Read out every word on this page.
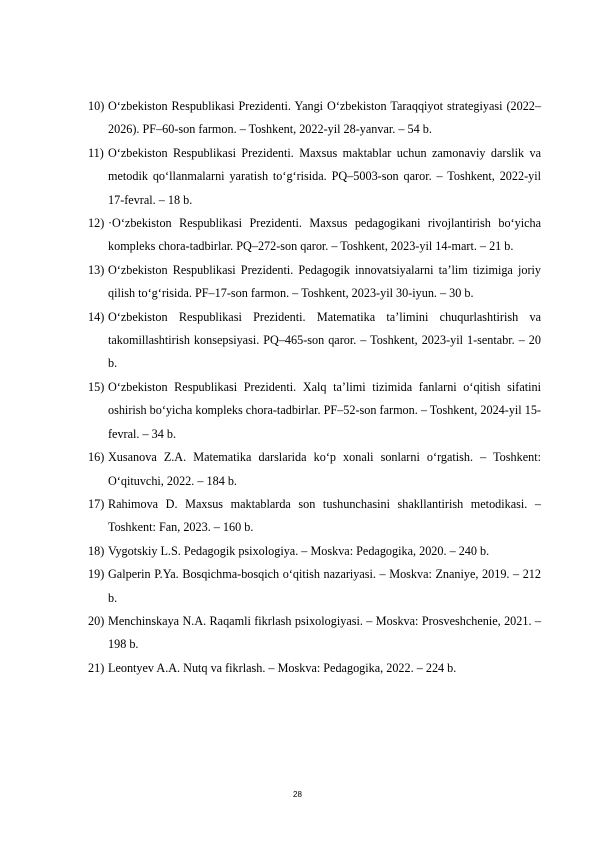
10) O‘zbekiston Respublikasi Prezidenti. Yangi O‘zbekiston Taraqqiyot strategiyasi (2022–2026). PF–60-son farmon. – Toshkent, 2022-yil 28-yanvar. – 54 b.
11) O‘zbekiston Respublikasi Prezidenti. Maxsus maktablar uchun zamonaviy darslik va metodik qo‘llanmalarni yaratish to‘g‘risida. PQ–5003-son qaror. – Toshkent, 2022-yil 17-fevral. – 18 b.
12) ·O‘zbekiston Respublikasi Prezidenti. Maxsus pedagogikani rivojlantirish bo‘yicha kompleks chora-tadbirlar. PQ–272-son qaror. – Toshkent, 2023-yil 14-mart. – 21 b.
13) O‘zbekiston Respublikasi Prezidenti. Pedagogik innovatsiyalarni ta’lim tizimiga joriy qilish to‘g‘risida. PF–17-son farmon. – Toshkent, 2023-yil 30-iyun. – 30 b.
14) O‘zbekiston Respublikasi Prezidenti. Matematika ta’limini chuqurlashtirish va takomillashtirish konsepsiyasi. PQ–465-son qaror. – Toshkent, 2023-yil 1-sentabr. – 20 b.
15) O‘zbekiston Respublikasi Prezidenti. Xalq ta’limi tizimida fanlarni o‘qitish sifatini oshirish bo‘yicha kompleks chora-tadbirlar. PF–52-son farmon. – Toshkent, 2024-yil 15-fevral. – 34 b.
16) Xusanova Z.A. Matematika darslarida ko‘p xonali sonlarni o‘rgatish. – Toshkent: O‘qituvchi, 2022. – 184 b.
17) Rahimova D. Maxsus maktablarda son tushunchasini shakllantirish metodikasi. – Toshkent: Fan, 2023. – 160 b.
18) Vygotskiy L.S. Pedagogik psixologiya. – Moskva: Pedagogika, 2020. – 240 b.
19) Galperin P.Ya. Bosqichma-bosqich o‘qitish nazariyasi. – Moskva: Znaniye, 2019. – 212 b.
20) Menchinskaya N.A. Raqamli fikrlash psixologiyasi. – Moskva: Prosveshchenie, 2021. – 198 b.
21) Leontyev A.A. Nutq va fikrlash. – Moskva: Pedagogika, 2022. – 224 b.
28
